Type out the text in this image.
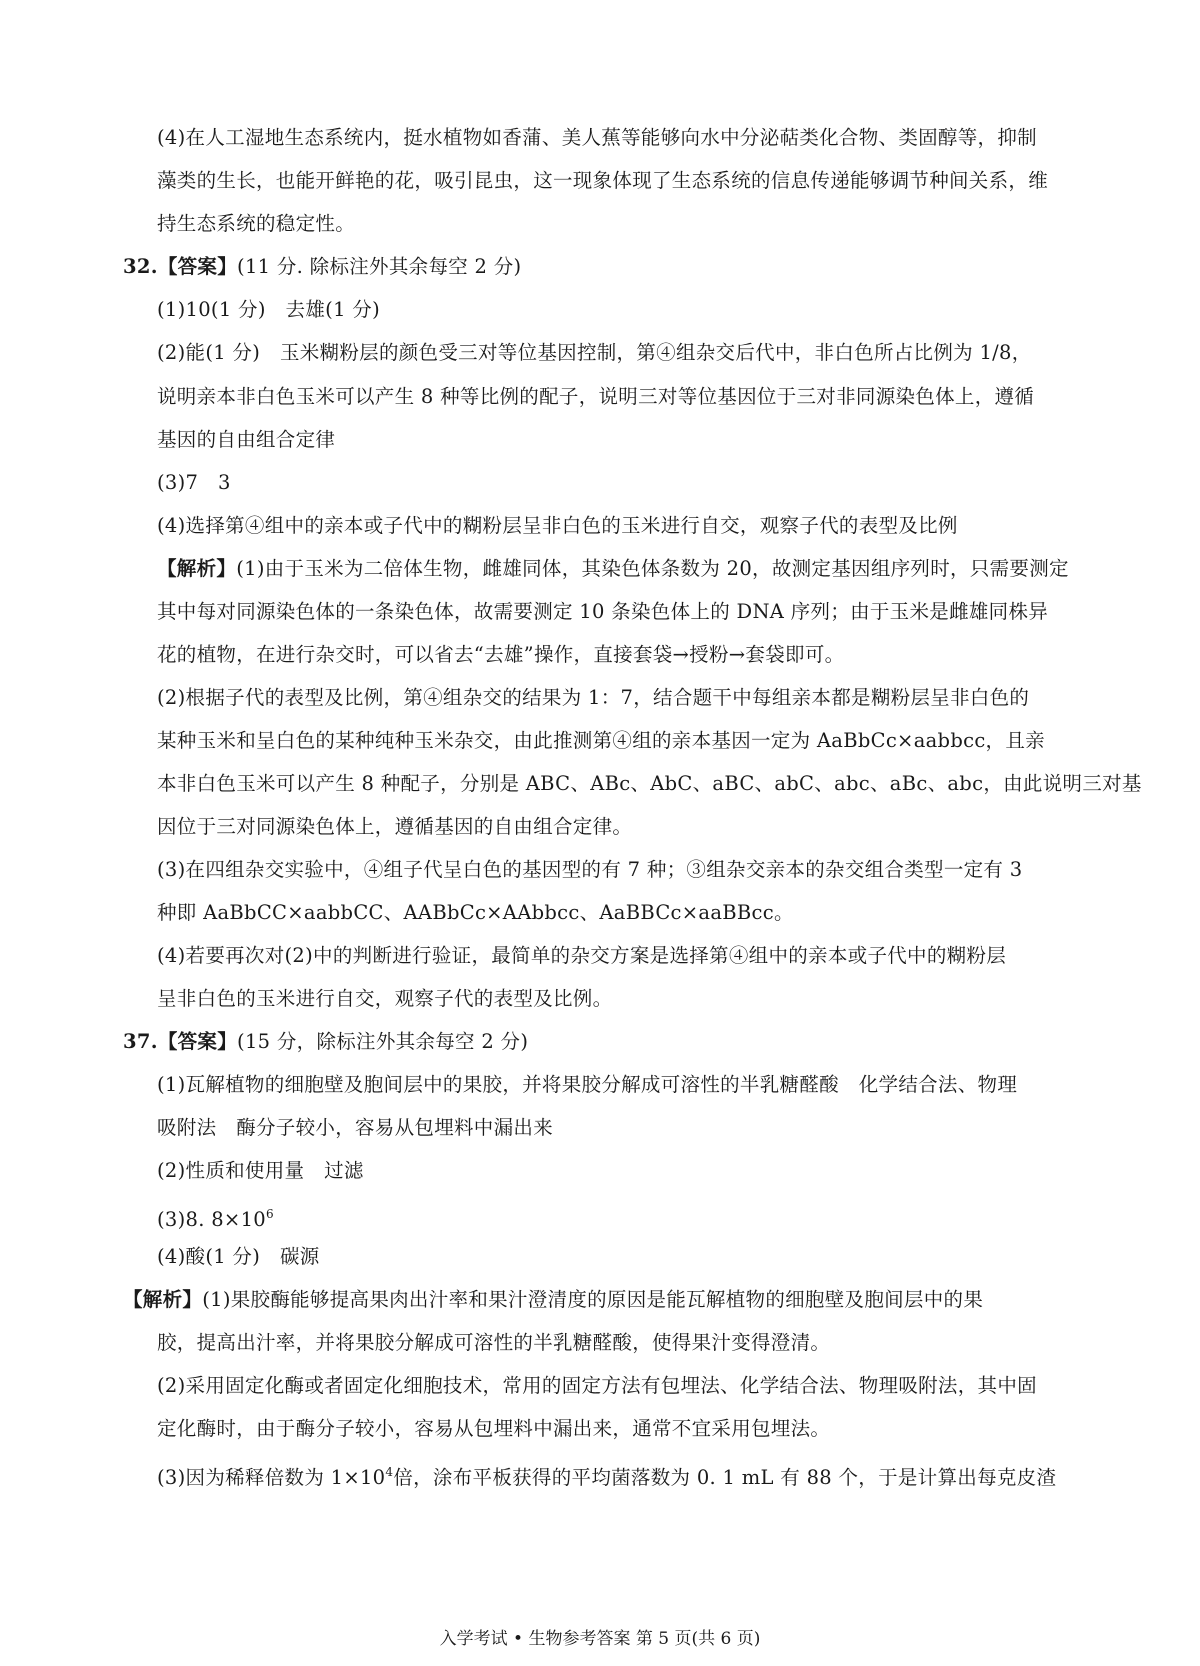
(4)在人工湿地生态系统内，挺水植物如香蒲、美人蕉等能够向水中分泌萜类化合物、类固醇等，抑制
藻类的生长，也能开鲜艳的花，吸引昆虫，这一现象体现了生态系统的信息传递能够调节种间关系，维
持生态系统的稳定性。
32.【答案】(11 分. 除标注外其余每空 2 分)
(1)10(1 分)　去雄(1 分)
(2)能(1 分)　玉米糊粉层的颜色受三对等位基因控制，第④组杂交后代中，非白色所占比例为 1/8，
说明亲本非白色玉米可以产生 8 种等比例的配子，说明三对等位基因位于三对非同源染色体上，遵循
基因的自由组合定律
(3)7　3
(4)选择第④组中的亲本或子代中的糊粉层呈非白色的玉米进行自交，观察子代的表型及比例
【解析】(1)由于玉米为二倍体生物，雌雄同体，其染色体条数为 20，故测定基因组序列时，只需要测定
其中每对同源染色体的一条染色体，故需要测定 10 条染色体上的 DNA 序列；由于玉米是雌雄同株异
花的植物，在进行杂交时，可以省去“去雄”操作，直接套袋→授粉→套袋即可。
(2)根据子代的表型及比例，第④组杂交的结果为 1：7，结合题干中每组亲本都是糊粉层呈非白色的
某种玉米和呈白色的某种纯种玉米杂交，由此推测第④组的亲本基因一定为 AaBbCc×aabbcc，且亲
本非白色玉米可以产生 8 种配子，分别是 ABC、ABc、AbC、aBC、abC、abc、aBc、abc，由此说明三对基
因位于三对同源染色体上，遵循基因的自由组合定律。
(3)在四组杂交实验中，④组子代呈白色的基因型的有 7 种；③组杂交亲本的杂交组合类型一定有 3
种即 AaBbCC×aabbCC、AABbCc×AAbbcc、AaBBCc×aaBBcc。
(4)若要再次对(2)中的判断进行验证，最简单的杂交方案是选择第④组中的亲本或子代中的糊粉层
呈非白色的玉米进行自交，观察子代的表型及比例。
37.【答案】(15 分，除标注外其余每空 2 分)
(1)瓦解植物的细胞壁及胞间层中的果胶，并将果胶分解成可溶性的半乳糖醛酸　化学结合法、物理
吸附法　酶分子较小，容易从包埋料中漏出来
(2)性质和使用量　过滤
(3)8. $8\times 10^6$
(4)酸(1 分)　碳源
【解析】(1)果胶酶能够提高果肉出汁率和果汁澄清度的原因是能瓦解植物的细胞壁及胞间层中的果
胶，提高出汁率，并将果胶分解成可溶性的半乳糖醛酸，使得果汁变得澄清。
(2)采用固定化酶或者固定化细胞技术，常用的固定方法有包埋法、化学结合法、物理吸附法，其中固
定化酶时，由于酶分子较小，容易从包埋料中漏出来，通常不宜采用包埋法。
(3)因为稀释倍数为 $1\times 10^4$倍，涂布平板获得的平均菌落数为 0. 1 mL 有 88 个，于是计算出每克皮渣
入学考试 • 生物参考答案 第 5 页(共 6 页)
